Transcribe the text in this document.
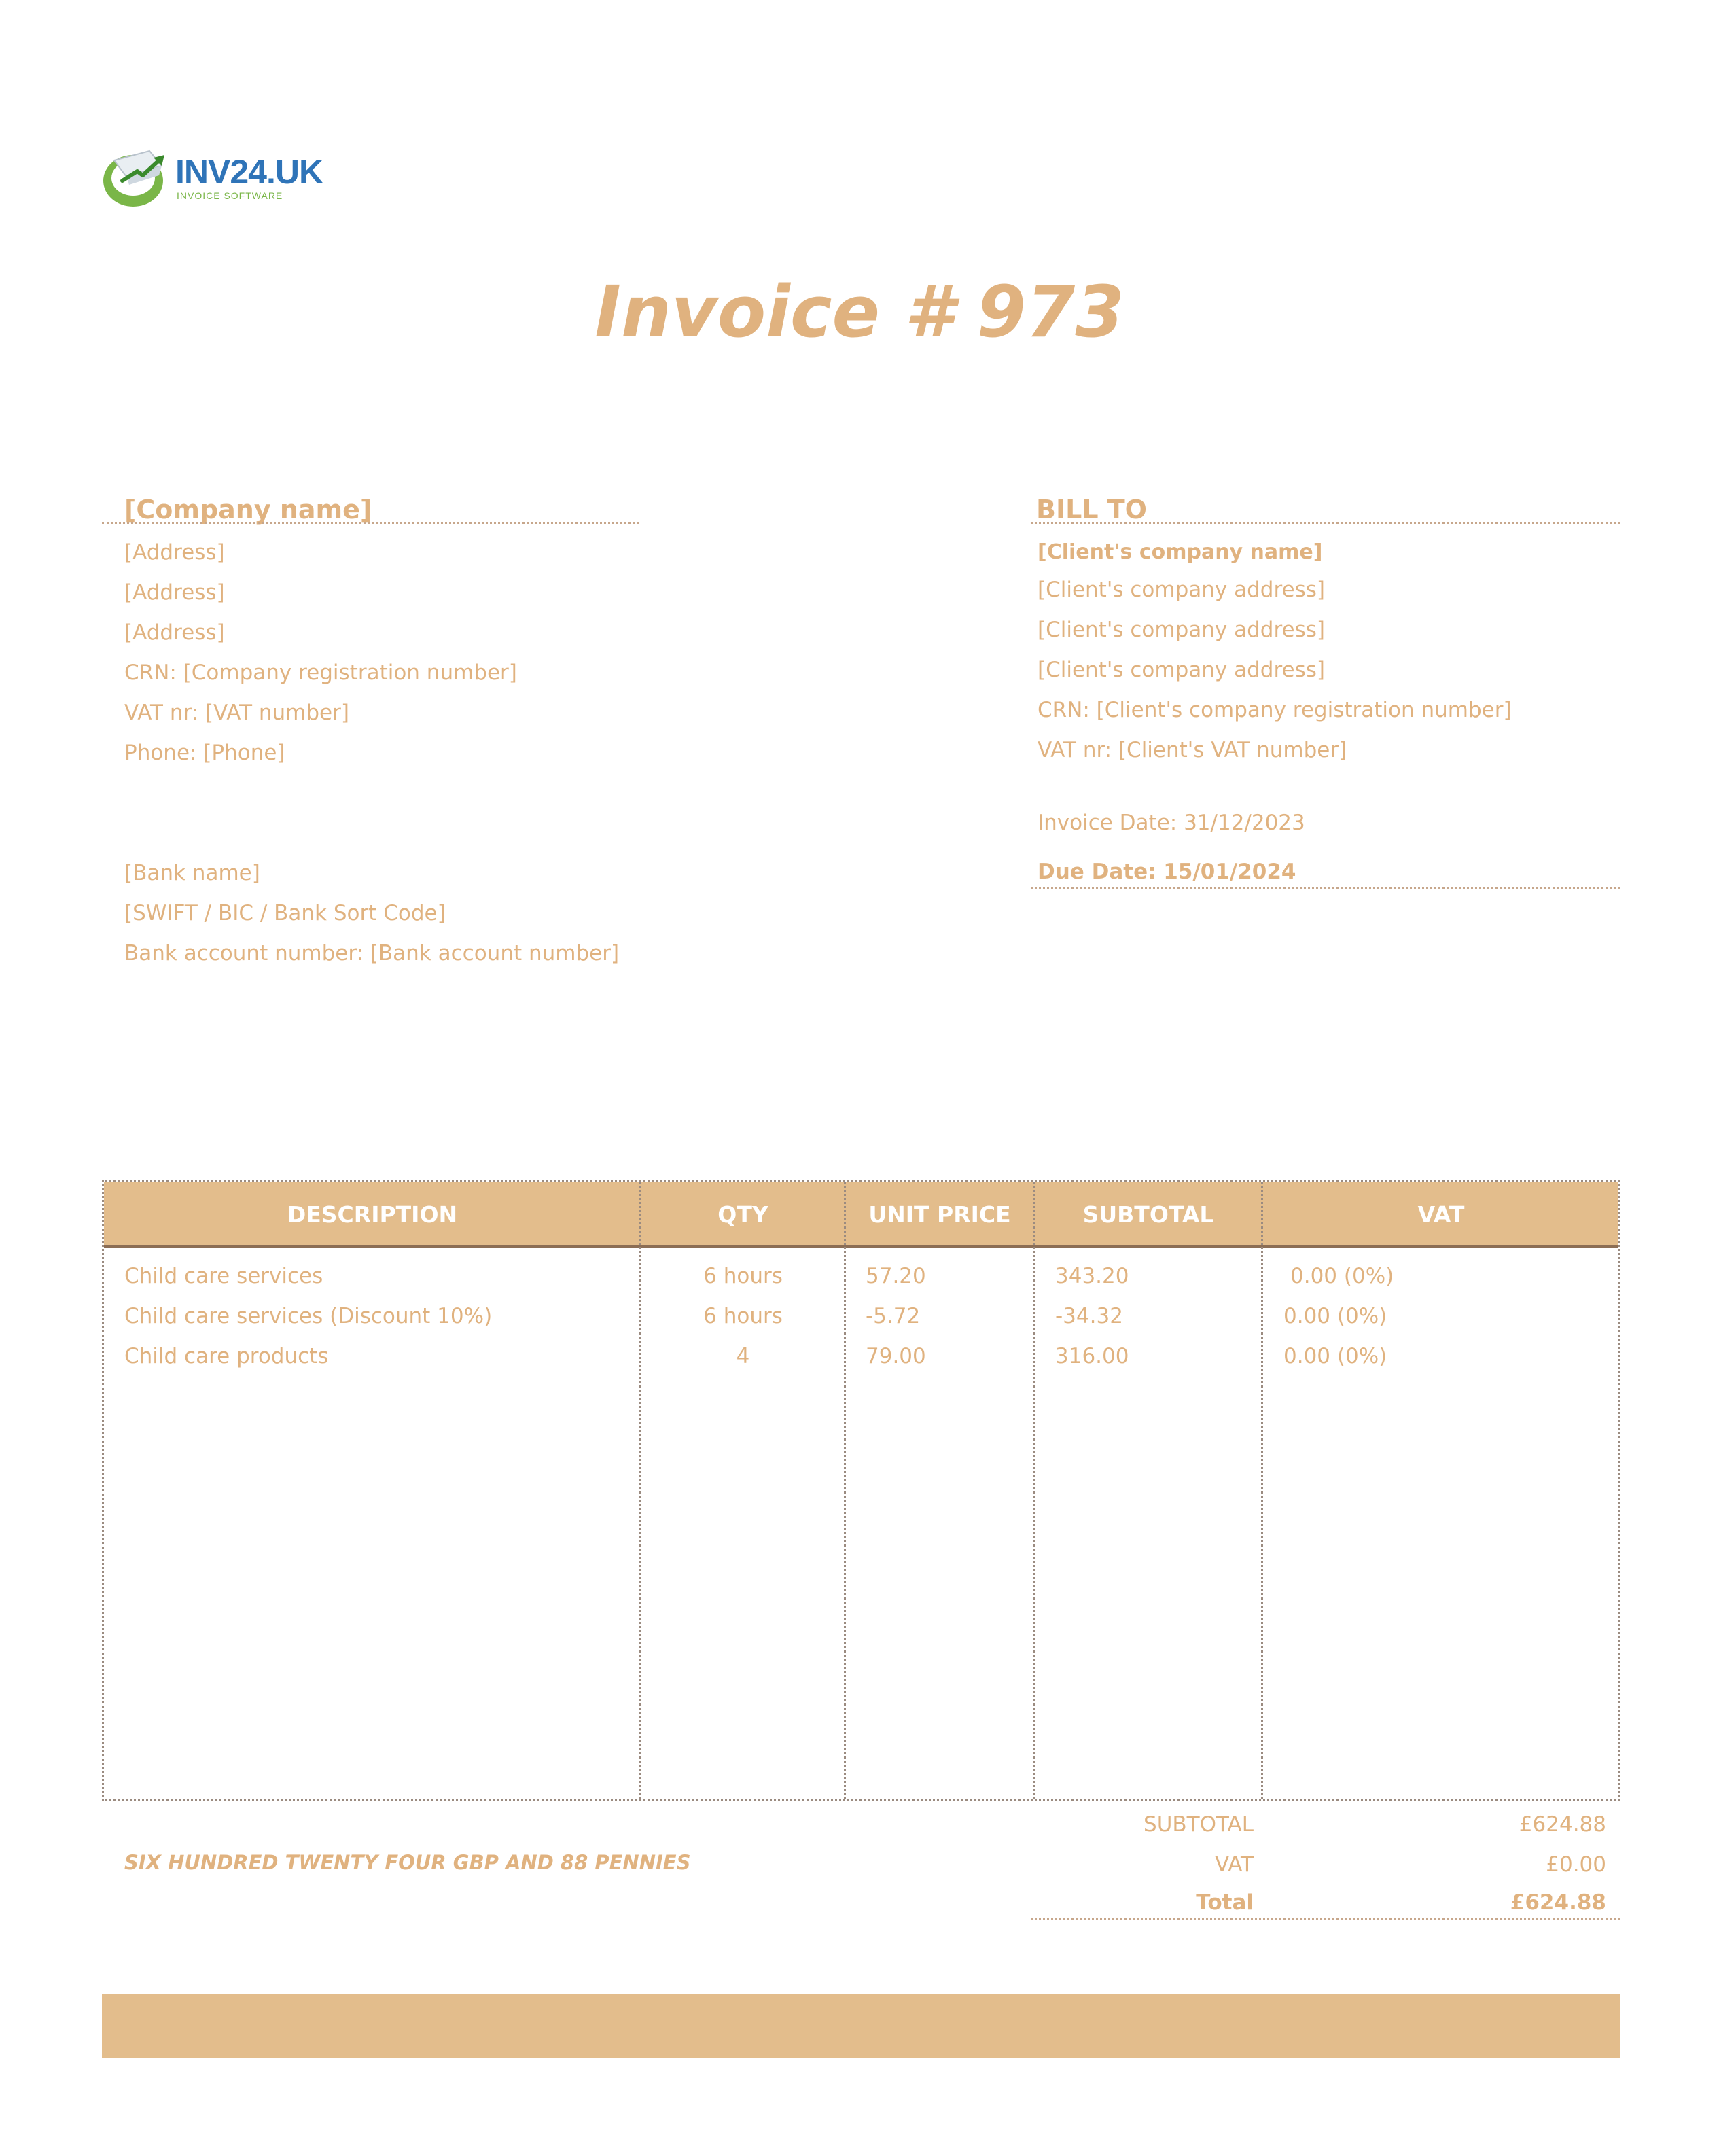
INV24.UK
INVOICE SOFTWARE
Invoice # 973
[Company name]
[Address]
[Address]
[Address]
CRN: [Company registration number]
VAT nr: [VAT number]
Phone: [Phone]
[Bank name]
[SWIFT / BIC / Bank Sort Code]
Bank account number: [Bank account number]
BILL TO
[Client's company name]
[Client's company address]
[Client's company address]
[Client's company address]
CRN: [Client's company registration number]
VAT nr: [Client's VAT number]
Invoice Date: 31/12/2023
Due Date: 15/01/2024
DESCRIPTION	QTY	UNIT PRICE	SUBTOTAL	VAT
Child care services	6 hours	57.20	343.20	0.00 (0%)
Child care services (Discount 10%)	6 hours	-5.72	-34.32	0.00 (0%)
Child care products	4	79.00	316.00	0.00 (0%)
SIX HUNDRED TWENTY FOUR GBP AND 88 PENNIES
SUBTOTAL	£624.88
VAT	£0.00
Total	£624.88
